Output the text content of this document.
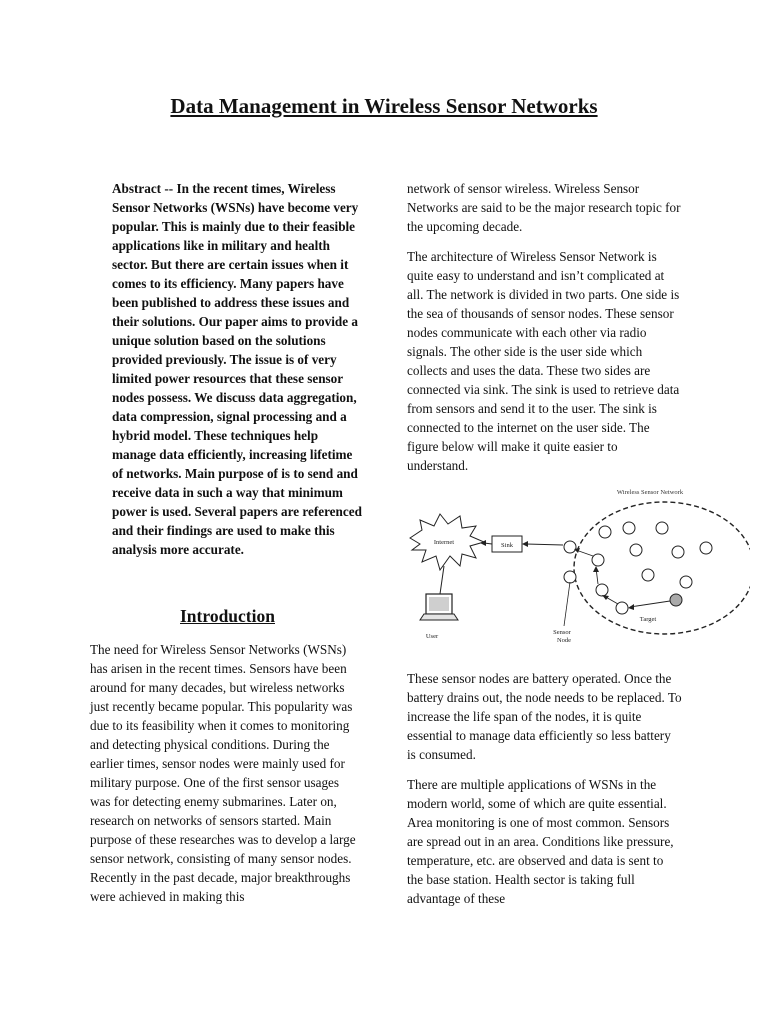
Data Management in Wireless Sensor Networks

Abstract -- In the recent times, Wireless Sensor Networks (WSNs) have become very popular. This is mainly due to their feasible applications like in military and health sector. But there are certain issues when it comes to its efficiency. Many papers have been published to address these issues and their solutions. Our paper aims to provide a unique solution based on the solutions provided previously. The issue is of very limited power resources that these sensor nodes possess. We discuss data aggregation, data compression, signal processing and a hybrid model. These techniques help manage data efficiently, increasing lifetime of networks. Main purpose of is to send and receive data in such a way that minimum power is used. Several papers are referenced and their findings are used to make this analysis more accurate.

Introduction

The need for Wireless Sensor Networks (WSNs) has arisen in the recent times. Sensors have been around for many decades, but wireless networks just recently became popular. This popularity was due to its feasibility when it comes to monitoring and detecting physical conditions. During the earlier times, sensor nodes were mainly used for military purpose. One of the first sensor usages was for detecting enemy submarines. Later on, research on networks of sensors started. Main purpose of these researches was to develop a large sensor network, consisting of many sensor nodes. Recently in the past decade, major breakthroughs were achieved in making this

network of sensor wireless. Wireless Sensor Networks are said to be the major research topic for the upcoming decade.

The architecture of Wireless Sensor Network is quite easy to understand and isn’t complicated at all. The network is divided in two parts. One side is the sea of thousands of sensor nodes. These sensor nodes communicate with each other via radio signals. The other side is the user side which collects and uses the data. These two sides are connected via sink. The sink is used to retrieve data from sensors and send it to the user. The sink is connected to the internet on the user side. The figure below will make it quite easier to understand.

Wireless Sensor Network
Internet	Sink
User
Sensor
Node
Target

These sensor nodes are battery operated. Once the battery drains out, the node needs to be replaced. To increase the life span of the nodes, it is quite essential to manage data efficiently so less battery is consumed.

There are multiple applications of WSNs in the modern world, some of which are quite essential. Area monitoring is one of most common. Sensors are spread out in an area. Conditions like pressure, temperature, etc. are observed and data is sent to the base station. Health sector is taking full advantage of these
